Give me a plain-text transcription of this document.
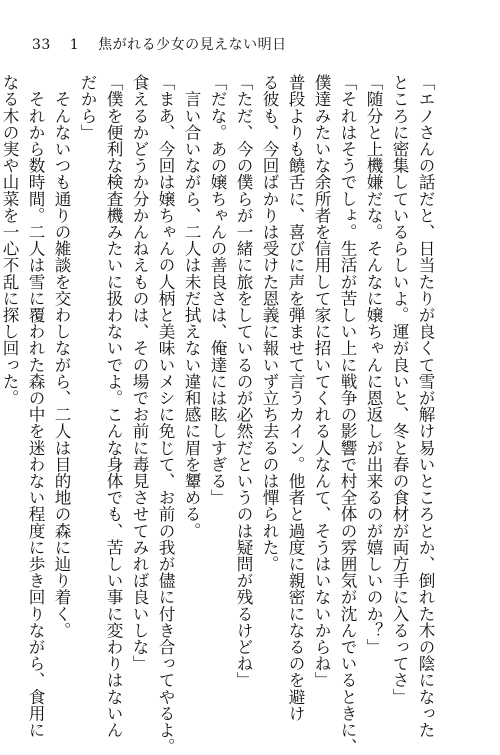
33 1 焦がれる少女の見えない明日
「エノさんの話だと、日当たりが良くて雪が解け易いところとか、倒れた木の陰になった
ところに密集しているらしいよ。運が良いと、冬と春の食材が両方手に入るってさ」
「随分と上機嫌だな。そんなに嬢ちゃんに恩返しが出来るのが嬉しいのか？」
「それはそうでしょ。生活が苦しい上に戦争の影響で村全体の雰囲気が沈んでいるときに、
僕達みたいな余所者を信用して家に招いてくれる人なんて、そうはいないからね」
普段よりも饒舌に、喜びに声を弾ませて言うカイン。他者と過度に親密になるのを避け
る彼も、今回ばかりは受けた恩義に報いず立ち去るのは憚られた。
「ただ、今の僕らが一緒に旅をしているのが必然だというのは疑問が残るけどね」
「だな。あの嬢ちゃんの善良さは、俺達には眩しすぎる」
　言い合いながら、二人は未だ拭えない違和感に眉を顰める。
「まあ、今回は嬢ちゃんの人柄と美味いメシに免じて、お前の我が儘に付き合ってやるよ。
食えるかどうか分かんねえものは、その場でお前に毒見させてみれば良いしな」
「僕を便利な検査機みたいに扱わないでよ。こんな身体でも、苦しい事に変わりはないん
だから」
　そんないつも通りの雑談を交わしながら、二人は目的地の森に辿り着く。
　それから数時間。二人は雪に覆われた森の中を迷わない程度に歩き回りながら、食用に
なる木の実や山菜を一心不乱に探し回った。
